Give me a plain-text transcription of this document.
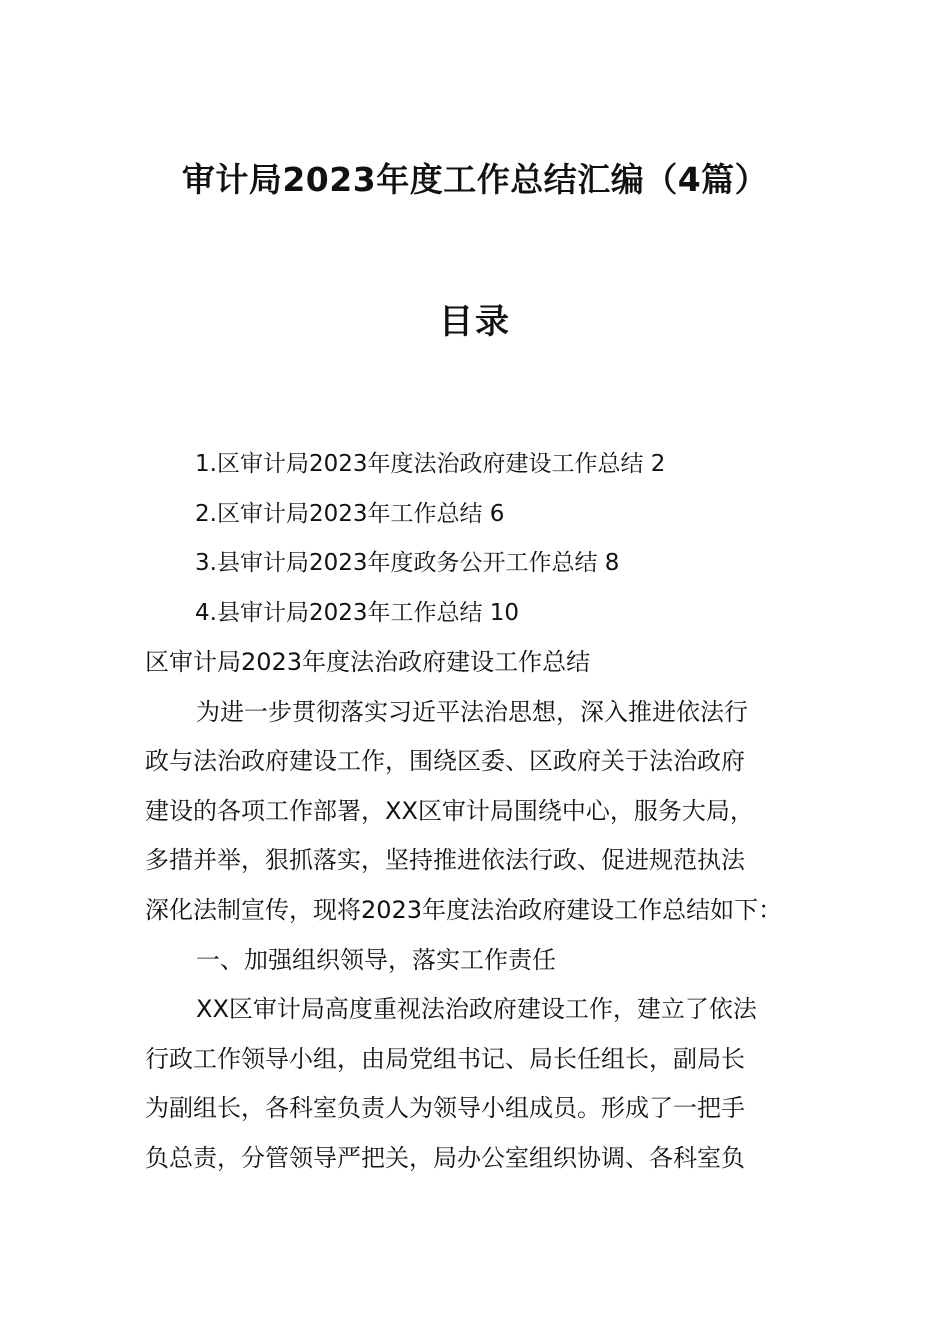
审计局2023年度工作总结汇编（4篇）
目录
1.区审计局2023年度法治政府建设工作总结 2
2.区审计局2023年工作总结 6
3.县审计局2023年度政务公开工作总结 8
4.县审计局2023年工作总结 10
区审计局2023年度法治政府建设工作总结
为进一步贯彻落实习近平法治思想，深入推进依法行
政与法治政府建设工作，围绕区委、区政府关于法治政府
建设的各项工作部署，XX区审计局围绕中心，服务大局，
多措并举，狠抓落实，坚持推进依法行政、促进规范执法
深化法制宣传，现将2023年度法治政府建设工作总结如下：
一、加强组织领导，落实工作责任
XX区审计局高度重视法治政府建设工作，建立了依法
行政工作领导小组，由局党组书记、局长任组长，副局长
为副组长，各科室负责人为领导小组成员。形成了一把手
负总责，分管领导严把关，局办公室组织协调、各科室负
